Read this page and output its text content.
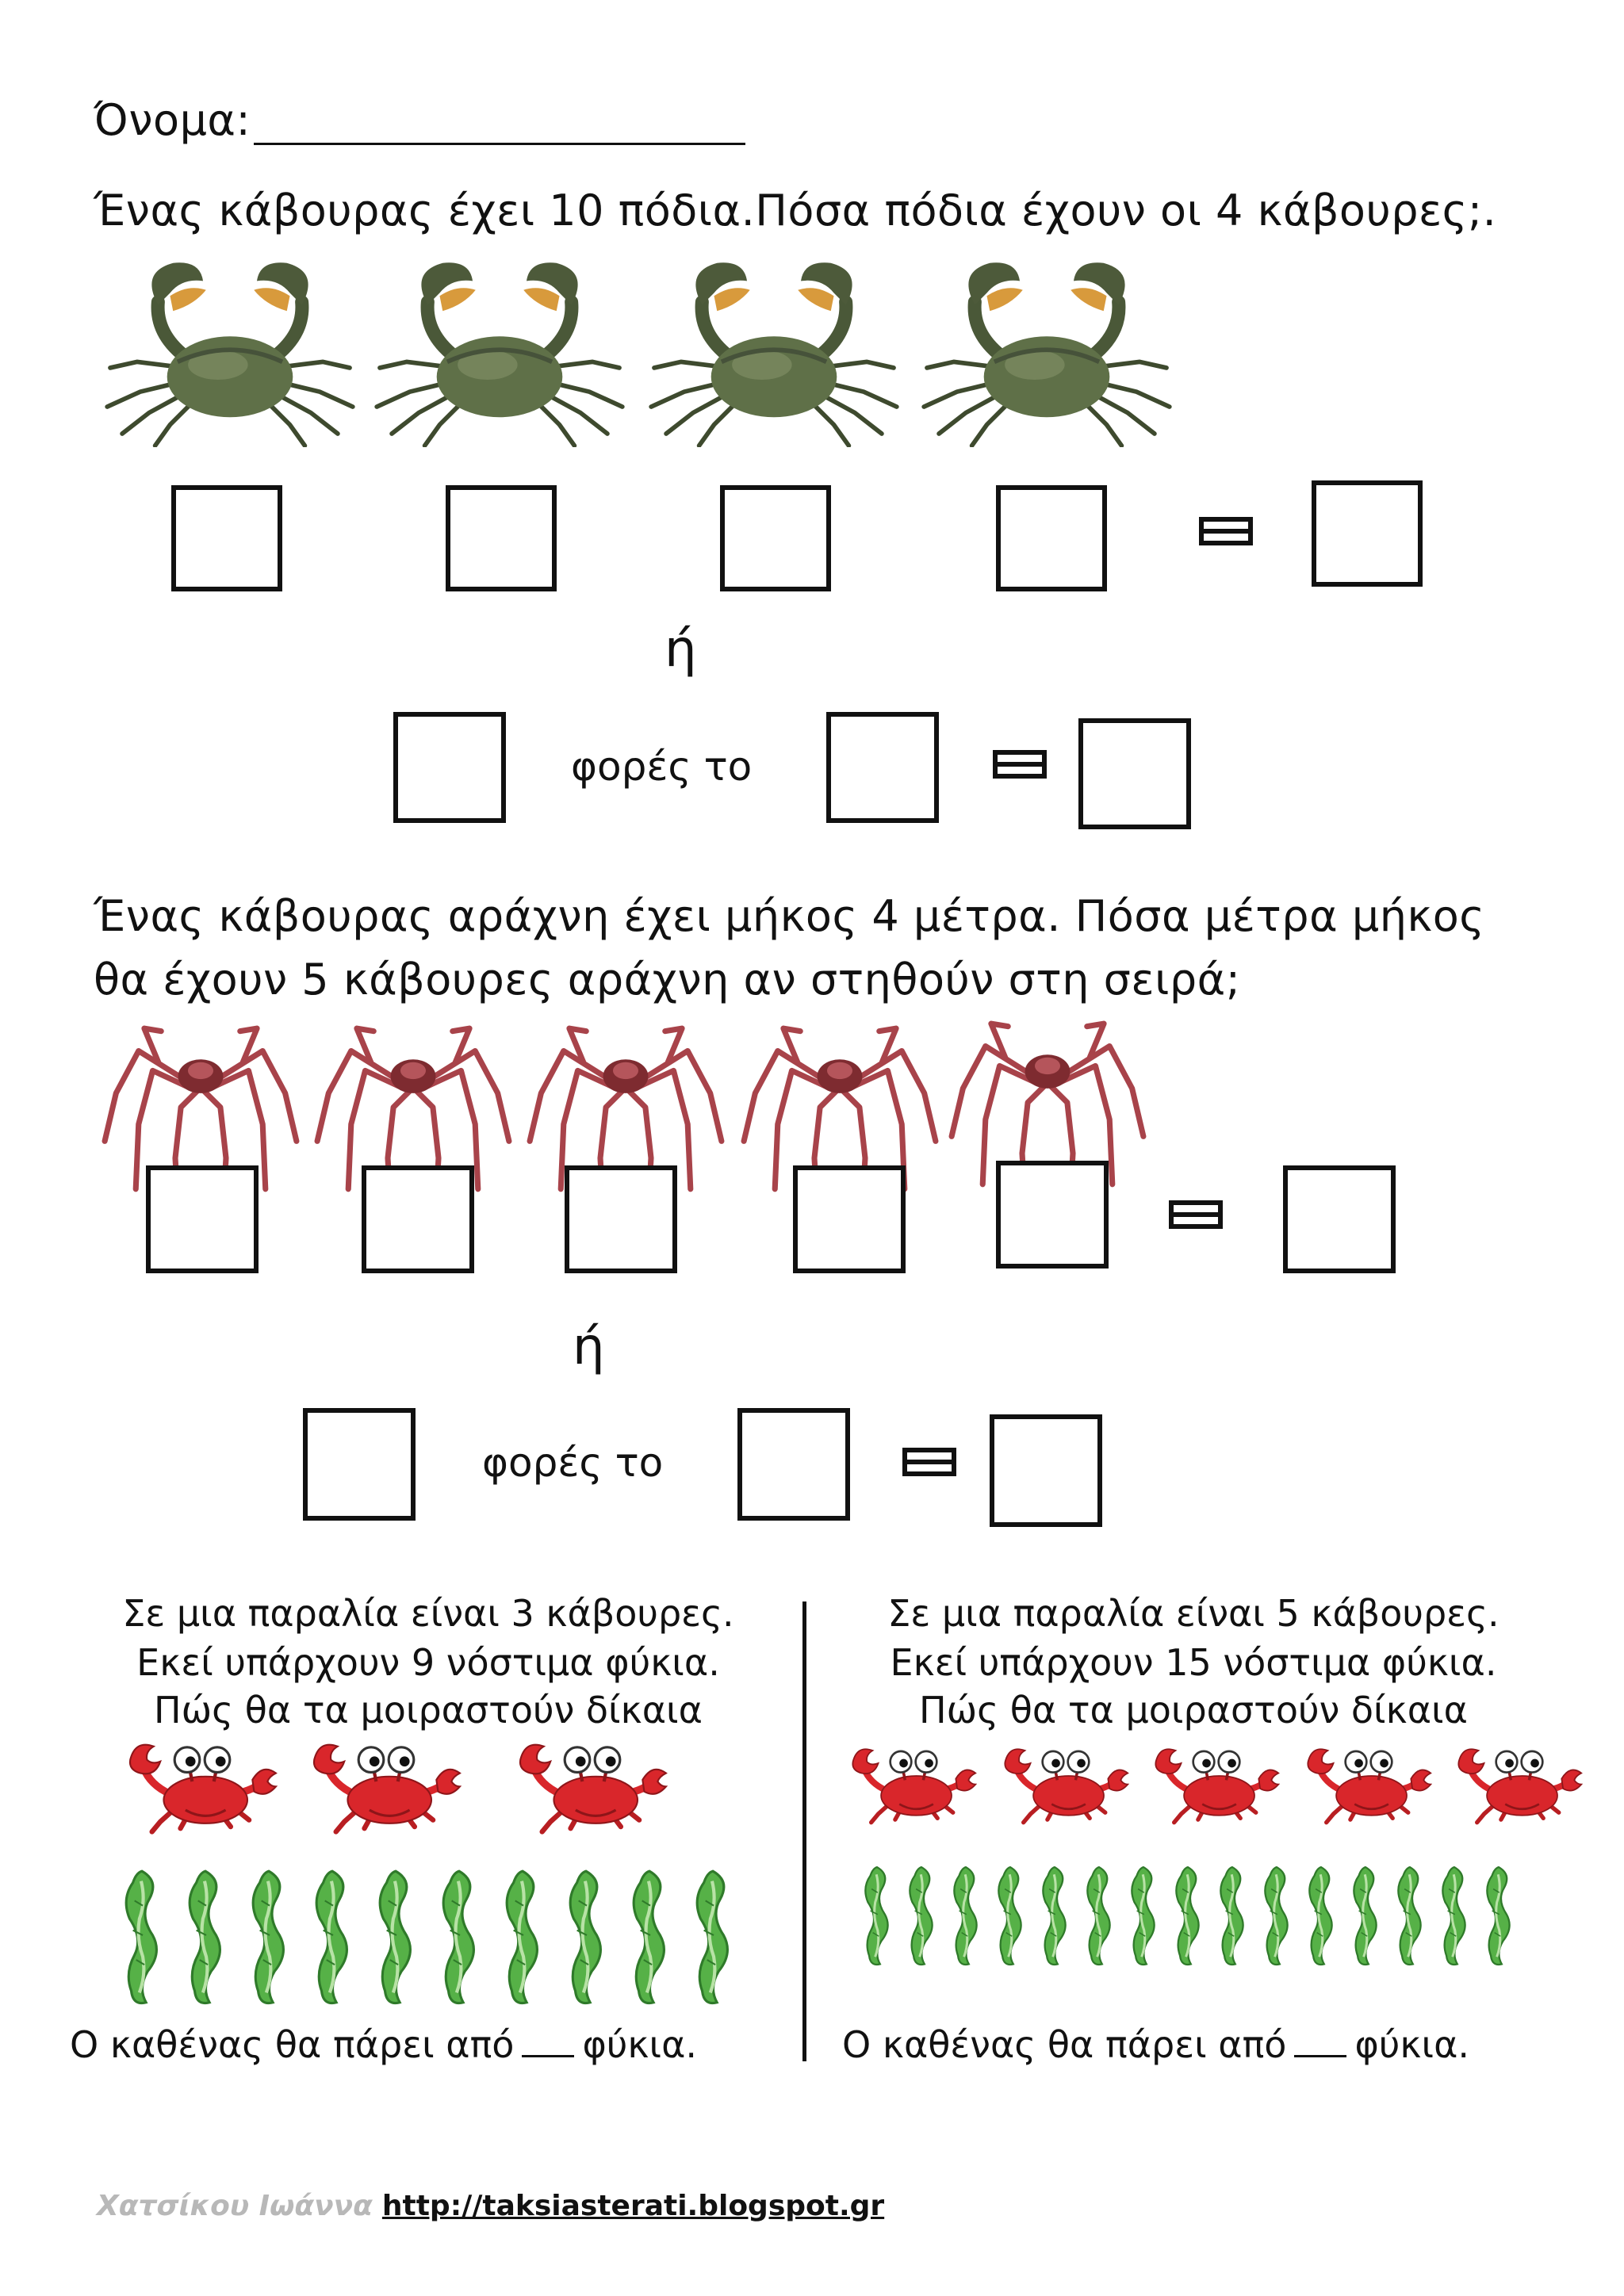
Όνομα:
Ένας κάβουρας έχει 10 πόδια.Πόσα πόδια έχουν οι 4 κάβουρες;.
ή
φορές το
Ένας κάβουρας αράχνη έχει μήκος 4 μέτρα. Πόσα μέτρα μήκος
θα έχουν 5 κάβουρες αράχνη αν στηθούν στη σειρά;
ή
φορές το
Σε μια παραλία είναι 3 κάβουρες.
Εκεί υπάρχουν 9 νόστιμα φύκια.
Πώς θα τα μοιραστούν δίκαια
Ο καθένας θα πάρει από φύκια.
Σε μια παραλία είναι 5 κάβουρες.
Εκεί υπάρχουν 15 νόστιμα φύκια.
Πώς θα τα μοιραστούν δίκαια
Ο καθένας θα πάρει από φύκια.
Χατσίκου Ιωάννα http://taksiasterati.blogspot.gr
